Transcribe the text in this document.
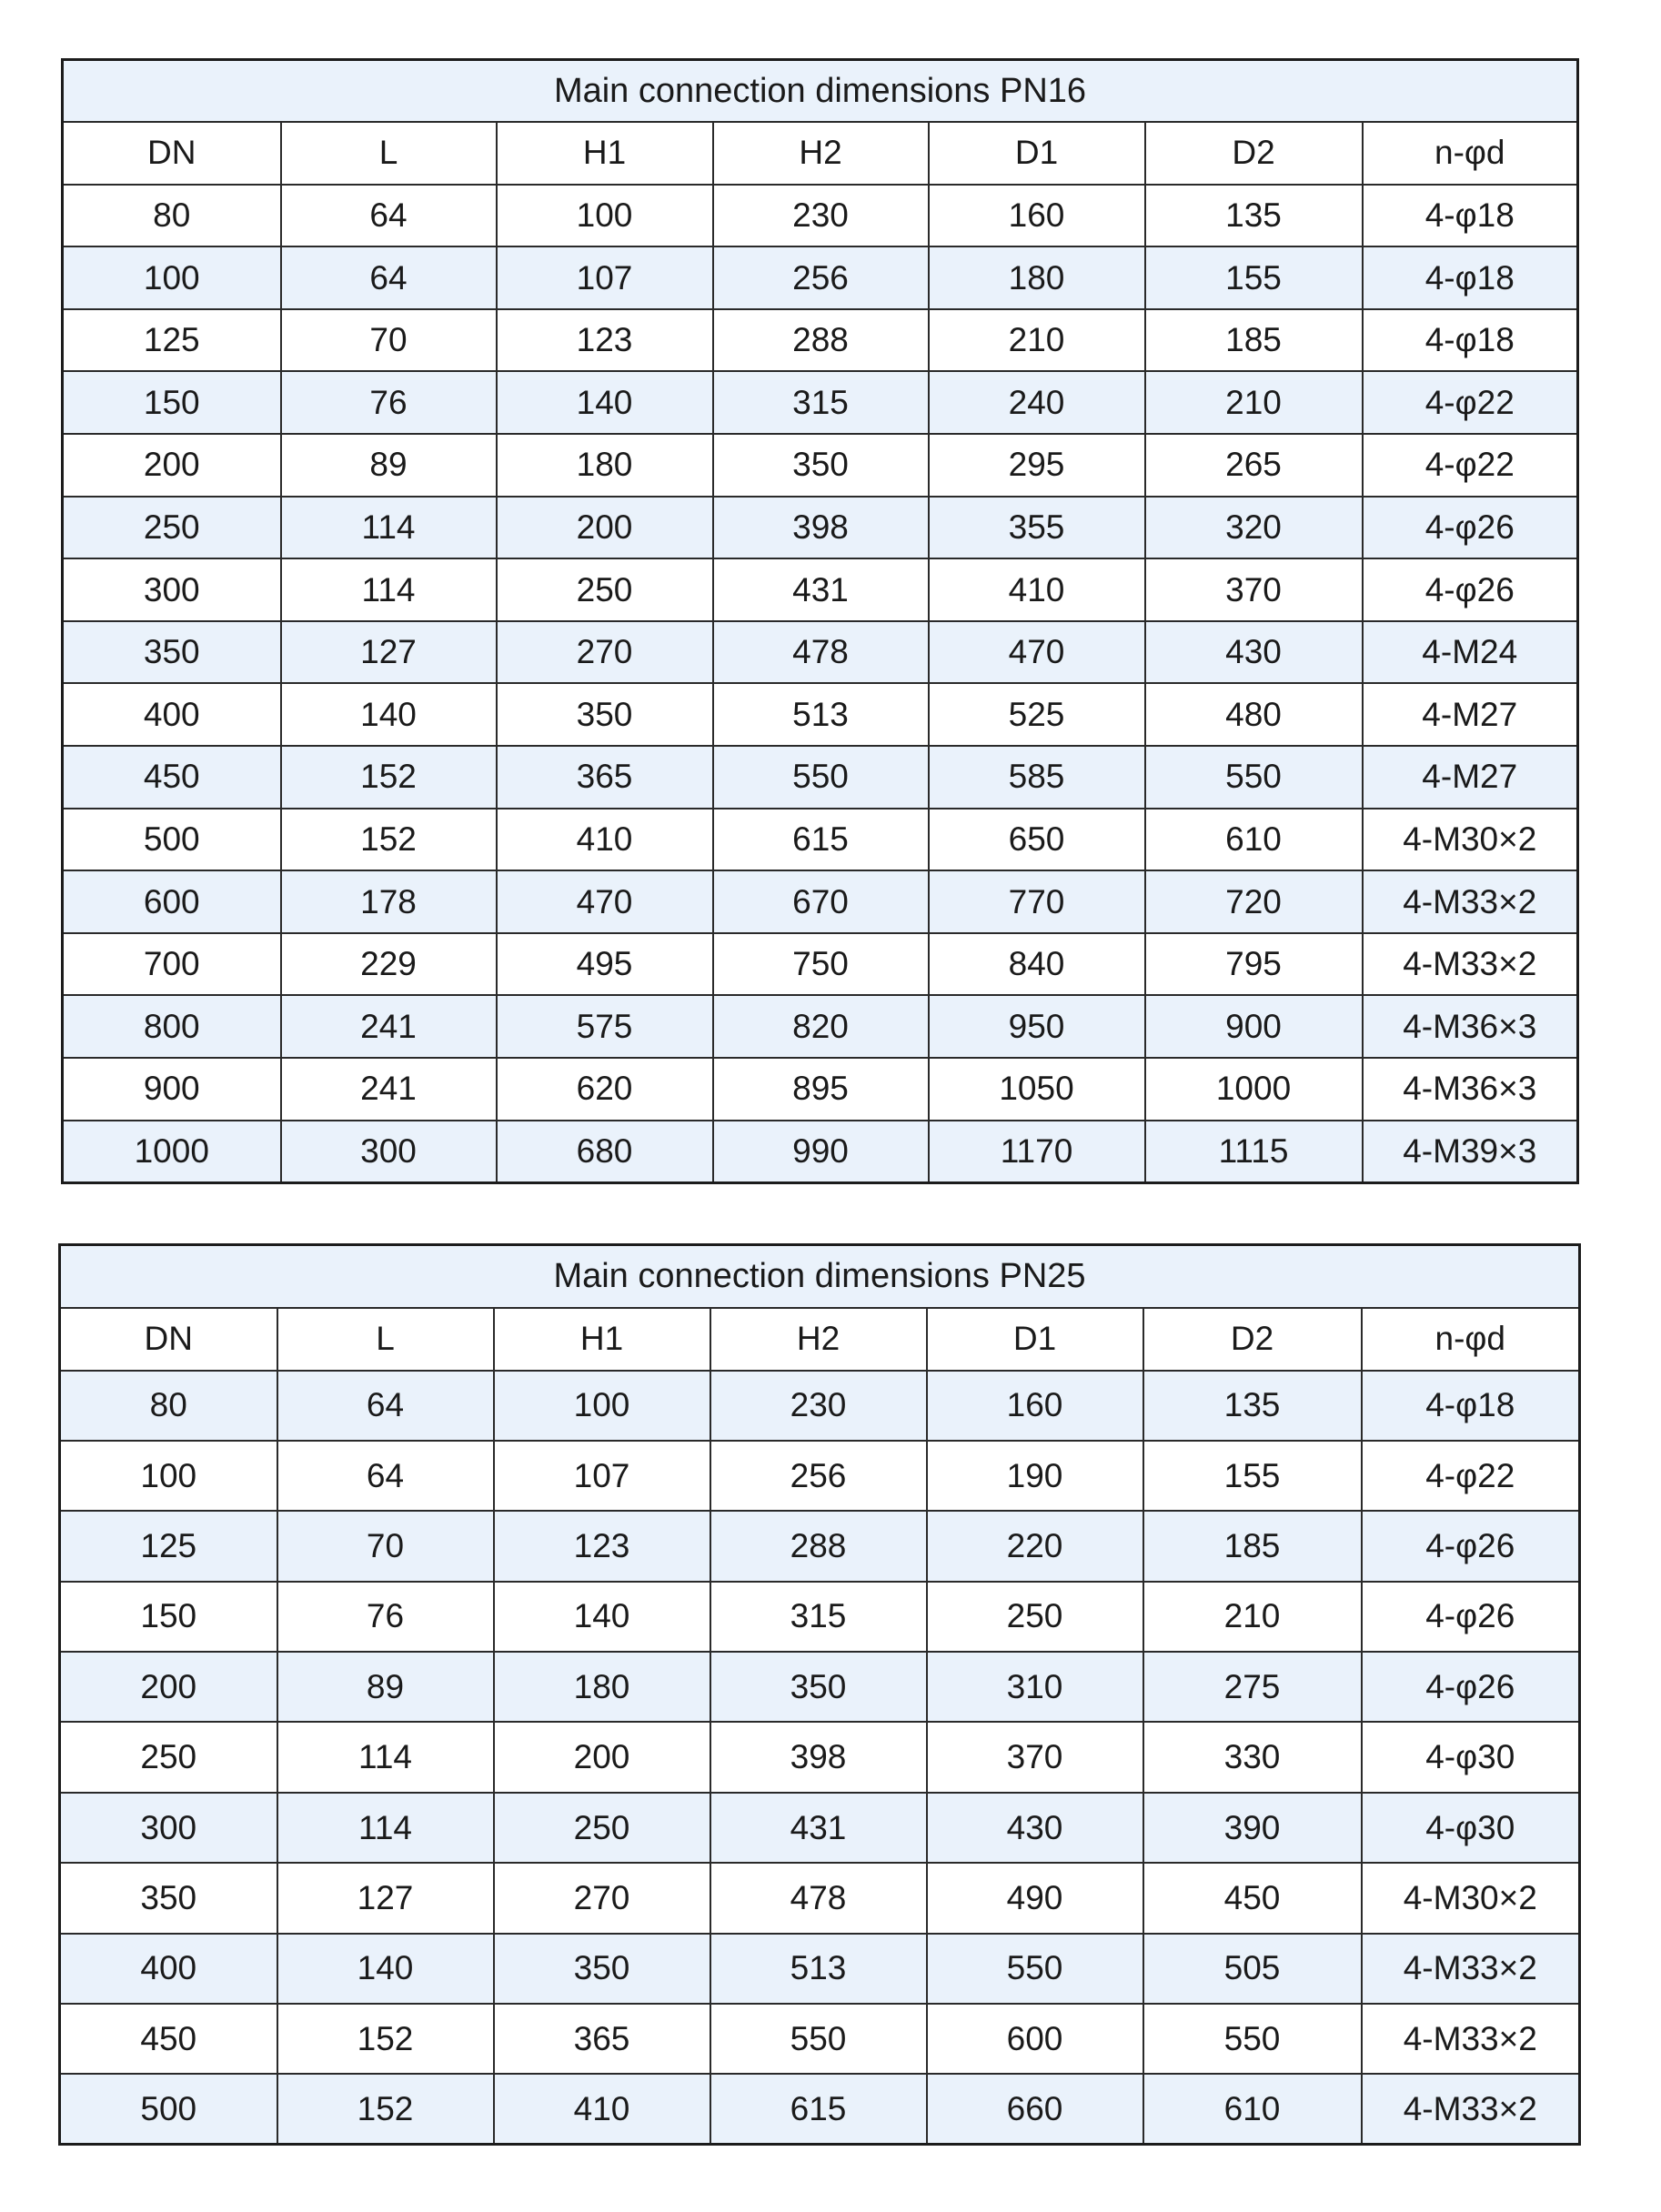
Main connection dimensions PN16						
DN	L	H1	H2	D1	D2	n-φd
80	64	100	230	160	135	4-φ18
100	64	107	256	180	155	4-φ18
125	70	123	288	210	185	4-φ18
150	76	140	315	240	210	4-φ22
200	89	180	350	295	265	4-φ22
250	114	200	398	355	320	4-φ26
300	114	250	431	410	370	4-φ26
350	127	270	478	470	430	4-M24
400	140	350	513	525	480	4-M27
450	152	365	550	585	550	4-M27
500	152	410	615	650	610	4-M30×2
600	178	470	670	770	720	4-M33×2
700	229	495	750	840	795	4-M33×2
800	241	575	820	950	900	4-M36×3
900	241	620	895	1050	1000	4-M36×3
1000	300	680	990	1170	1115	4-M39×3
Main connection dimensions PN25						
DN	L	H1	H2	D1	D2	n-φd
80	64	100	230	160	135	4-φ18
100	64	107	256	190	155	4-φ22
125	70	123	288	220	185	4-φ26
150	76	140	315	250	210	4-φ26
200	89	180	350	310	275	4-φ26
250	114	200	398	370	330	4-φ30
300	114	250	431	430	390	4-φ30
350	127	270	478	490	450	4-M30×2
400	140	350	513	550	505	4-M33×2
450	152	365	550	600	550	4-M33×2
500	152	410	615	660	610	4-M33×2
